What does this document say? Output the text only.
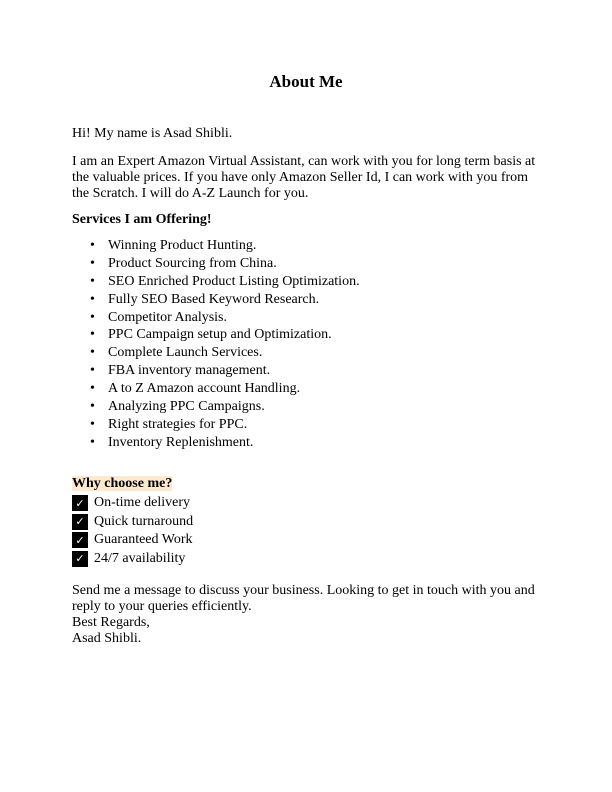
About Me
Hi! My name is Asad Shibli.
I am an Expert Amazon Virtual Assistant, can work with you for long term basis at the valuable prices. If you have only Amazon Seller Id, I can work with you from the Scratch. I will do A-Z Launch for you.
Services I am Offering!
• Winning Product Hunting.
• Product Sourcing from China.
• SEO Enriched Product Listing Optimization.
• Fully SEO Based Keyword Research.
• Competitor Analysis.
• PPC Campaign setup and Optimization.
• Complete Launch Services.
• FBA inventory management.
• A to Z Amazon account Handling.
• Analyzing PPC Campaigns.
• Right strategies for PPC.
• Inventory Replenishment.
Why choose me?
✓ On-time delivery
✓ Quick turnaround
✓ Guaranteed Work
✓ 24/7 availability
Send me a message to discuss your business. Looking to get in touch with you and reply to your queries efficiently.
Best Regards,
Asad Shibli.
